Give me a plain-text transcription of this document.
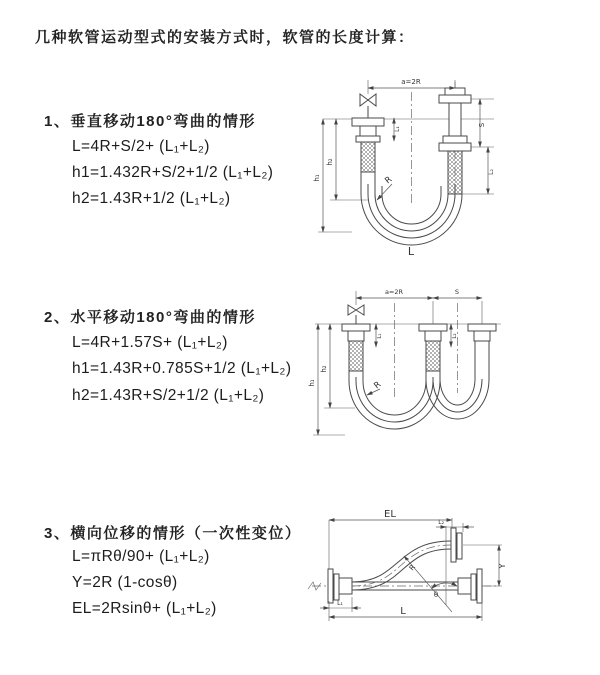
几种软管运动型式的安装方式时，软管的长度计算：
1、垂直移动180°弯曲的情形
L=4R+S/2+ (L₁+L₂)
h1=1.432R+S/2+1/2 (L₁+L₂)
h2=1.43R+1/2 (L₁+L₂)
2、水平移动180°弯曲的情形
L=4R+1.57S+ (L₁+L₂)
h1=1.43R+0.785S+1/2 (L₁+L₂)
h2=1.43R+S/2+1/2 (L₁+L₂)
3、横向位移的情形（一次性变位）
L=πRθ/90+ (L₁+L₂)
Y=2R (1-cosθ)
EL=2Rsinθ+ (L₁+L₂)
a=2R
S
L₂
h₁
h₂
L₁
R
L
a=2R	S
h₁
h₂
L₁	L₂
R
EL
L₂
Y
R
θ
L₁
L
